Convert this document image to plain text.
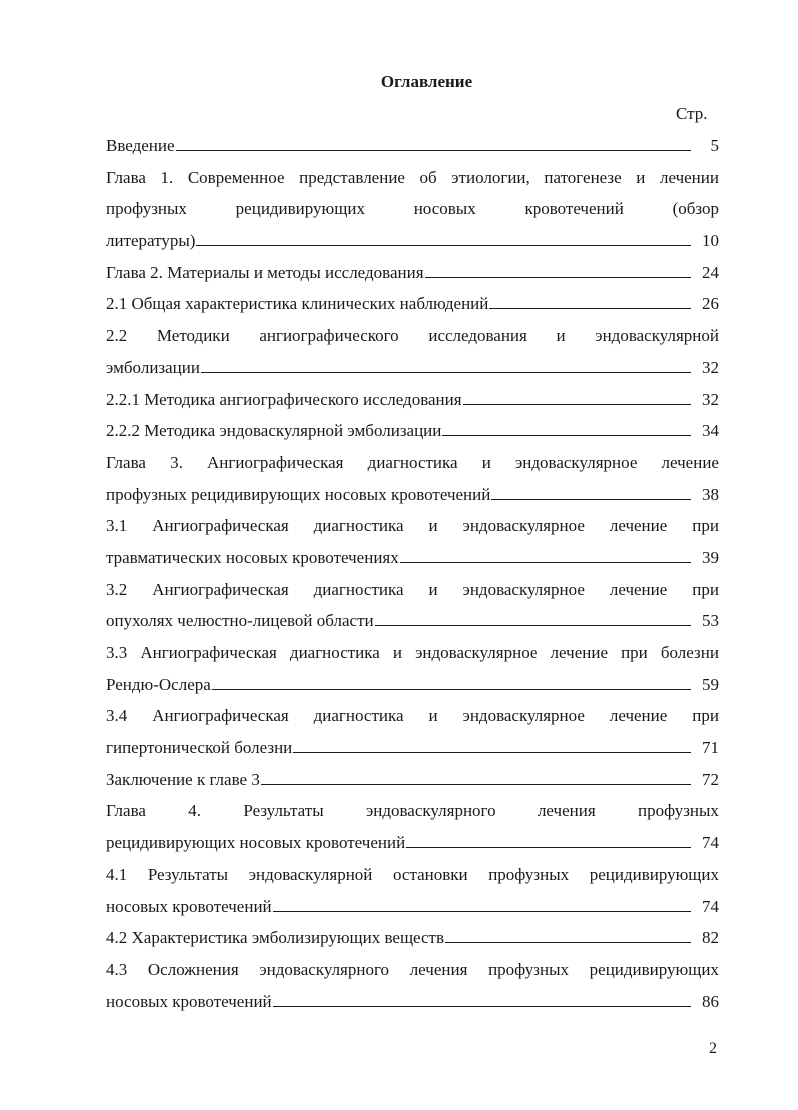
Оглавление
Стр.
Введение	5
Глава 1. Современное представление об этиологии, патогенезе и лечении
профузных	рецидивирующих	носовых	кровотечений	(обзор
литературы)	10
Глава 2. Материалы и методы исследования	24
2.1 Общая характеристика клинических наблюдений	26
2.2 Методики ангиографического исследования и эндоваскулярной
эмболизации	32
2.2.1 Методика ангиографического исследования	32
2.2.2 Методика эндоваскулярной эмболизации	34
Глава 3. Ангиографическая диагностика и эндоваскулярное лечение
профузных рецидивирующих носовых кровотечений	38
3.1 Ангиографическая диагностика и эндоваскулярное лечение при
травматических носовых кровотечениях	39
3.2 Ангиографическая диагностика и эндоваскулярное лечение при
опухолях челюстно-лицевой области	53
3.3 Ангиографическая диагностика и эндоваскулярное лечение при болезни
Рендю-Ослера	59
3.4 Ангиографическая диагностика и эндоваскулярное лечение при
гипертонической болезни	71
Заключение к главе 3	72
Глава 4. Результаты эндоваскулярного лечения профузных
рецидивирующих носовых кровотечений	74
4.1 Результаты эндоваскулярной остановки профузных рецидивирующих
носовых кровотечений	74
4.2 Характеристика эмболизирующих веществ	82
4.3 Осложнения эндоваскулярного лечения профузных рецидивирующих
носовых кровотечений	86
2
